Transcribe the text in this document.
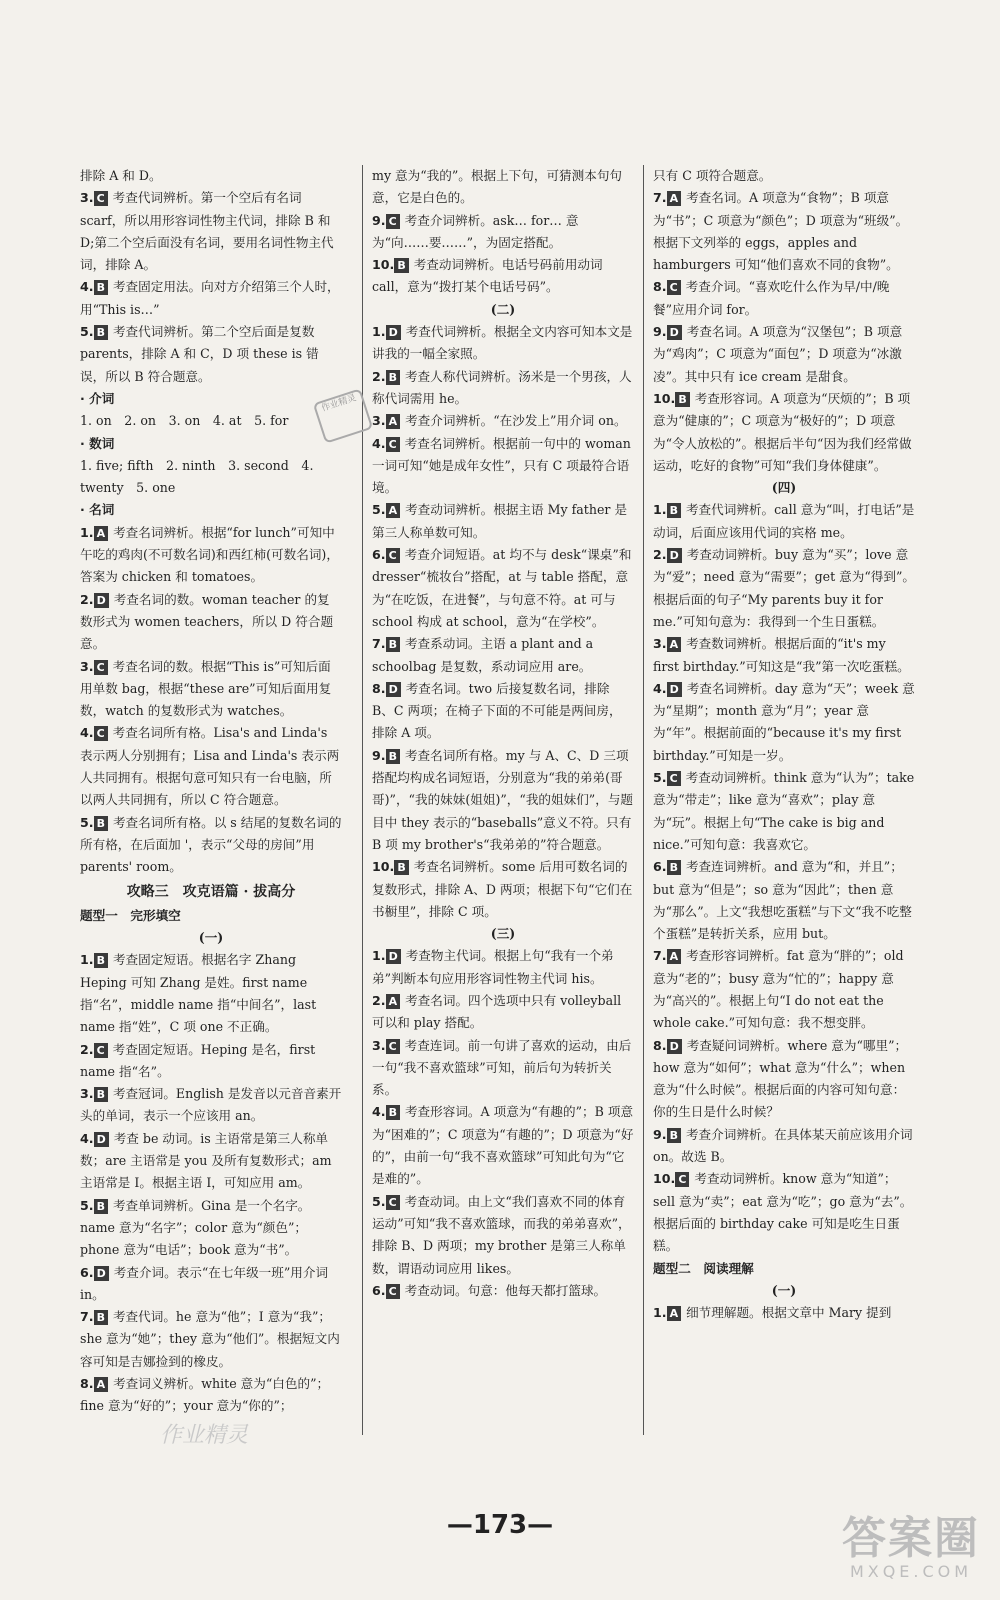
排除 A 和 D。

3. C 考查代词辨析。第一个空后有名词 scarf，所以用形容词性物主代词，排除 B 和 D;第二个空后面没有名词，要用名词性物主代词，排除 A。

4. B 考查固定用法。向对方介绍第三个人时，用“This is…”

5. B 考查代词辨析。第二个空后面是复数 parents，排除 A 和 C，D 项 these is 错误，所以 B 符合题意。

· 介词

1. on　2. on　3. on　4. at　5. for

· 数词

1. five; fifth　2. ninth　3. second　4. twenty　5. one

· 名词

1. A 考查名词辨析。根据“for lunch”可知中午吃的鸡肉(不可数名词)和西红柿(可数名词)，答案为 chicken 和 tomatoes。

2. D 考查名词的数。woman teacher 的复数形式为 women teachers，所以 D 符合题意。

3. C 考查名词的数。根据“This is”可知后面用单数 bag，根据“these are”可知后面用复数，watch 的复数形式为 watches。

4. C 考查名词所有格。Lisa's and Linda's 表示两人分别拥有；Lisa and Linda's 表示两人共同拥有。根据句意可知只有一台电脑，所以两人共同拥有，所以 C 符合题意。

5. B 考查名词所有格。以 s 结尾的复数名词的所有格，在后面加 '，表示“父母的房间”用 parents' room。

攻略三　攻克语篇 · 拔高分

题型一　完形填空

(一)

1. B 考查固定短语。根据名字 Zhang Heping 可知 Zhang 是姓。first name 指“名”，middle name 指“中间名”，last name 指“姓”，C 项 one 不正确。

2. C 考查固定短语。Heping 是名，first name 指“名”。

3. B 考查冠词。English 是发音以元音音素开头的单词，表示一个应该用 an。

4. D 考查 be 动词。is 主语常是第三人称单数；are 主语常是 you 及所有复数形式；am 主语常是 I。根据主语 I，可知应用 am。

5. B 考查单词辨析。Gina 是一个名字。name 意为“名字”；color 意为“颜色”；phone 意为“电话”；book 意为“书”。

6. D 考查介词。表示“在七年级一班”用介词 in。

7. B 考查代词。he 意为“他”；I 意为“我”；she 意为“她”；they 意为“他们”。根据短文内容可知是吉娜捡到的橡皮。

8. A 考查词义辨析。white 意为“白色的”；fine 意为“好的”；your 意为“你的”；

my 意为“我的”。根据上下句，可猜测本句句意，它是白色的。

9. C 考查介词辨析。ask… for… 意为“向……要……”，为固定搭配。

10. B 考查动词辨析。电话号码前用动词 call，意为“拨打某个电话号码”。

(二)

1. D 考查代词辨析。根据全文内容可知本文是讲我的一幅全家照。

2. B 考查人称代词辨析。汤米是一个男孩，人称代词需用 he。

3. A 考查介词辨析。“在沙发上”用介词 on。

4. C 考查名词辨析。根据前一句中的 woman 一词可知“她是成年女性”，只有 C 项最符合语境。

5. A 考查动词辨析。根据主语 My father 是第三人称单数可知。

6. C 考查介词短语。at 均不与 desk“课桌”和 dresser“梳妆台”搭配，at 与 table 搭配，意为“在吃饭，在进餐”，与句意不符。at 可与 school 构成 at school，意为“在学校”。

7. B 考查系动词。主语 a plant and a schoolbag 是复数，系动词应用 are。

8. D 考查名词。two 后接复数名词，排除 B、C 两项；在椅子下面的不可能是两间房，排除 A 项。

9. B 考查名词所有格。my 与 A、C、D 三项搭配均构成名词短语，分别意为“我的弟弟(哥哥)”，“我的妹妹(姐姐)”，“我的姐妹们”，与题目中 they 表示的“baseballs”意义不符。只有 B 项 my brother's“我弟弟的”符合题意。

10. B 考查名词辨析。some 后用可数名词的复数形式，排除 A、D 两项；根据下句“它们在书橱里”，排除 C 项。

(三)

1. D 考查物主代词。根据上句“我有一个弟弟”判断本句应用形容词性物主代词 his。

2. A 考查名词。四个选项中只有 volleyball 可以和 play 搭配。

3. C 考查连词。前一句讲了喜欢的运动，由后一句“我不喜欢篮球”可知，前后句为转折关系。

4. B 考查形容词。A 项意为“有趣的”；B 项意为“困难的”；C 项意为“有趣的”；D 项意为“好的”，由前一句“我不喜欢篮球”可知此句为“它是难的”。

5. C 考查动词。由上文“我们喜欢不同的体育运动”可知“我不喜欢篮球，而我的弟弟喜欢”，排除 B、D 两项；my brother 是第三人称单数，谓语动词应用 likes。

6. C 考查动词。句意：他每天都打篮球。

只有 C 项符合题意。

7. A 考查名词。A 项意为“食物”；B 项意为“书”；C 项意为“颜色”；D 项意为“班级”。根据下文列举的 eggs，apples and hamburgers 可知“他们喜欢不同的食物”。

8. C 考查介词。“喜欢吃什么作为早/中/晚餐”应用介词 for。

9. D 考查名词。A 项意为“汉堡包”；B 项意为“鸡肉”；C 项意为“面包”；D 项意为“冰激凌”。其中只有 ice cream 是甜食。

10. B 考查形容词。A 项意为“厌烦的”；B 项意为“健康的”；C 项意为“极好的”；D 项意为“令人放松的”。根据后半句“因为我们经常做运动，吃好的食物”可知“我们身体健康”。

(四)

1. B 考查代词辨析。call 意为“叫，打电话”是动词，后面应该用代词的宾格 me。

2. D 考查动词辨析。buy 意为“买”；love 意为“爱”；need 意为“需要”；get 意为“得到”。根据后面的句子“My parents buy it for me.”可知句意为：我得到一个生日蛋糕。

3. A 考查数词辨析。根据后面的“it's my first birthday.”可知这是“我”第一次吃蛋糕。

4. D 考查名词辨析。day 意为“天”；week 意为“星期”；month 意为“月”；year 意为“年”。根据前面的“because it's my first birthday.”可知是一岁。

5. C 考查动词辨析。think 意为“认为”；take 意为“带走”；like 意为“喜欢”；play 意为“玩”。根据上句“The cake is big and nice.”可知句意：我喜欢它。

6. B 考查连词辨析。and 意为“和，并且”；but 意为“但是”；so 意为“因此”；then 意为“那么”。上文“我想吃蛋糕”与下文“我不吃整个蛋糕”是转折关系，应用 but。

7. A 考查形容词辨析。fat 意为“胖的”；old 意为“老的”；busy 意为“忙的”；happy 意为“高兴的”。根据上句“I do not eat the whole cake.”可知句意：我不想变胖。

8. D 考查疑问词辨析。where 意为“哪里”；how 意为“如何”；what 意为“什么”；when 意为“什么时候”。根据后面的内容可知句意：你的生日是什么时候？

9. B 考查介词辨析。在具体某天前应该用介词 on。故选 B。

10. C 考查动词辨析。know 意为“知道”；sell 意为“卖”；eat 意为“吃”；go 意为“去”。根据后面的 birthday cake 可知是吃生日蛋糕。

题型二　阅读理解

(一)

1. A 细节理解题。根据文章中 Mary 提到

作业精灵
作业精灵
—173—	答案圈
MXQE.COM
